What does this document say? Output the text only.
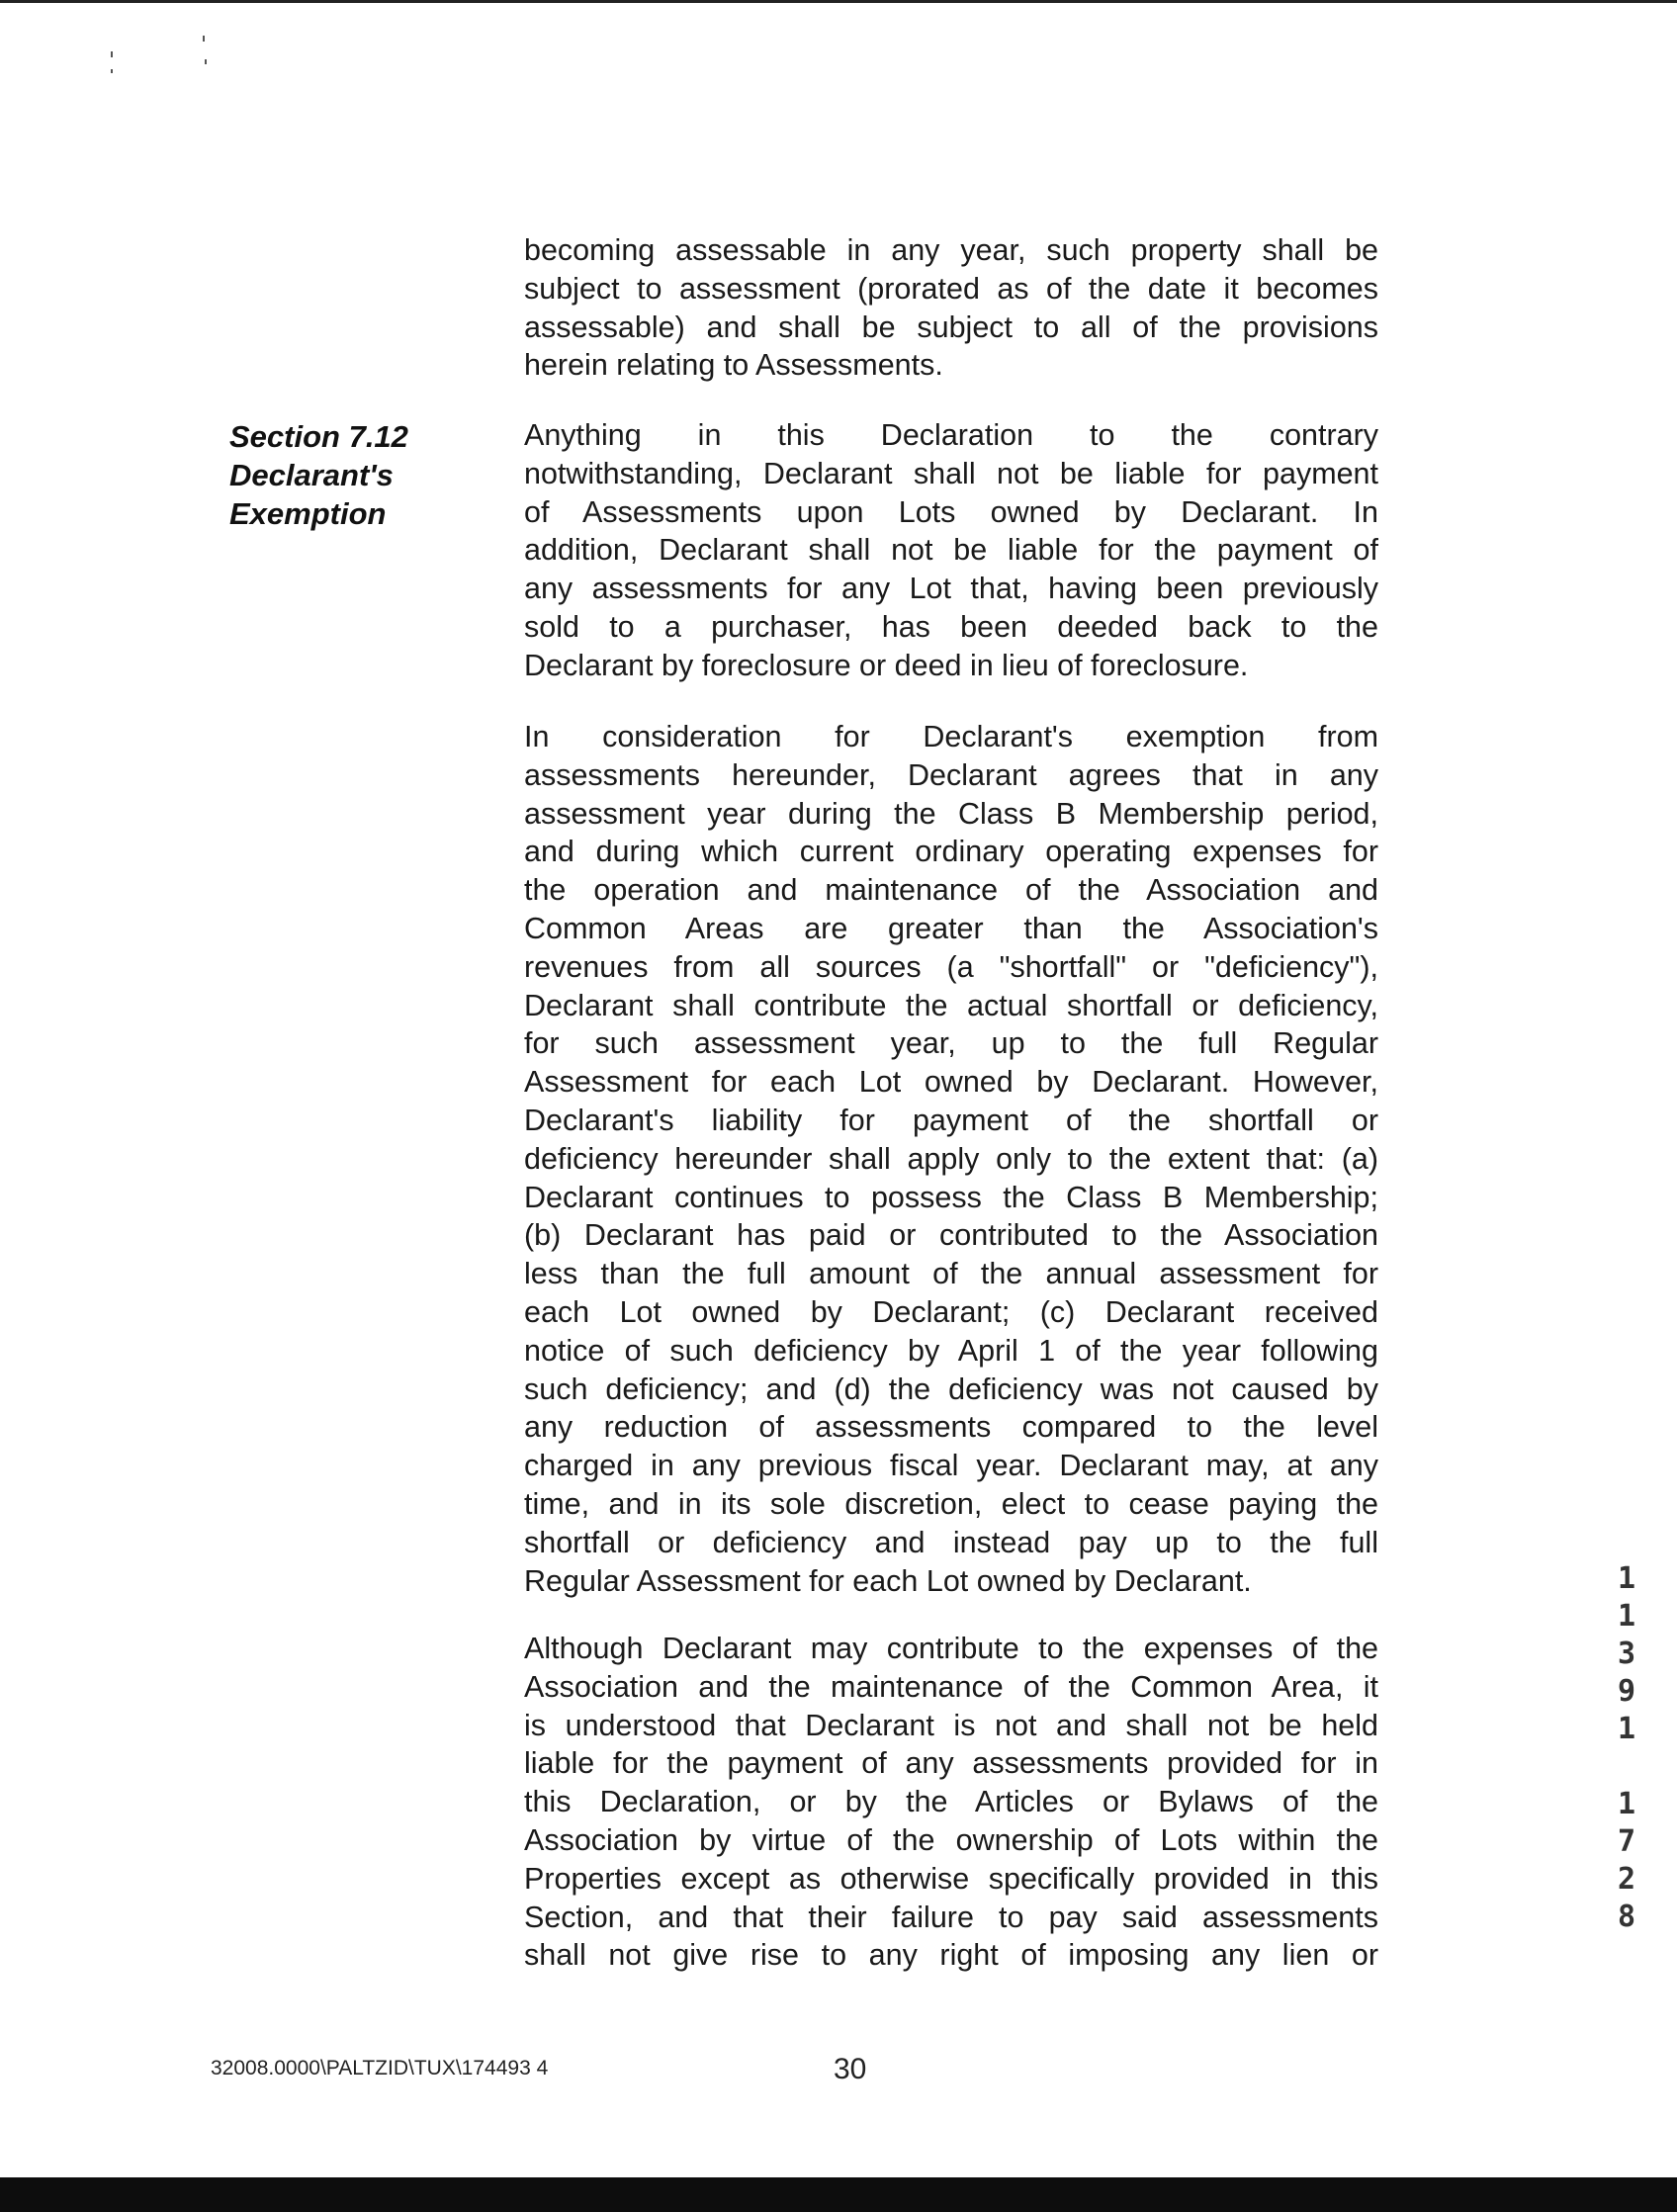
becoming assessable in any year, such property shall be
subject to assessment (prorated as of the date it becomes
assessable) and shall be subject to all of the provisions
herein relating to Assessments.
Section 7.12
Declarant's
Exemption
Anything in this Declaration to the contrary
notwithstanding, Declarant shall not be liable for payment
of Assessments upon Lots owned by Declarant. In
addition, Declarant shall not be liable for the payment of
any assessments for any Lot that, having been previously
sold to a purchaser, has been deeded back to the
Declarant by foreclosure or deed in lieu of foreclosure.
In consideration for Declarant's exemption from
assessments hereunder, Declarant agrees that in any
assessment year during the Class B Membership period,
and during which current ordinary operating expenses for
the operation and maintenance of the Association and
Common Areas are greater than the Association's
revenues from all sources (a "shortfall" or "deficiency"),
Declarant shall contribute the actual shortfall or deficiency,
for such assessment year, up to the full Regular
Assessment for each Lot owned by Declarant. However,
Declarant's liability for payment of the shortfall or
deficiency hereunder shall apply only to the extent that: (a)
Declarant continues to possess the Class B Membership;
(b) Declarant has paid or contributed to the Association
less than the full amount of the annual assessment for
each Lot owned by Declarant; (c) Declarant received
notice of such deficiency by April 1 of the year following
such deficiency; and (d) the deficiency was not caused by
any reduction of assessments compared to the level
charged in any previous fiscal year. Declarant may, at any
time, and in its sole discretion, elect to cease paying the
shortfall or deficiency and instead pay up to the full
Regular Assessment for each Lot owned by Declarant.
Although Declarant may contribute to the expenses of the
Association and the maintenance of the Common Area, it
is understood that Declarant is not and shall not be held
liable for the payment of any assessments provided for in
this Declaration, or by the Articles or Bylaws of the
Association by virtue of the ownership of Lots within the
Properties except as otherwise specifically provided in this
Section, and that their failure to pay said assessments
shall not give rise to any right of imposing any lien or
1
1
3
9
1
1
7
2
8
32008.0000\PALTZID\TUX\174493 4	30
